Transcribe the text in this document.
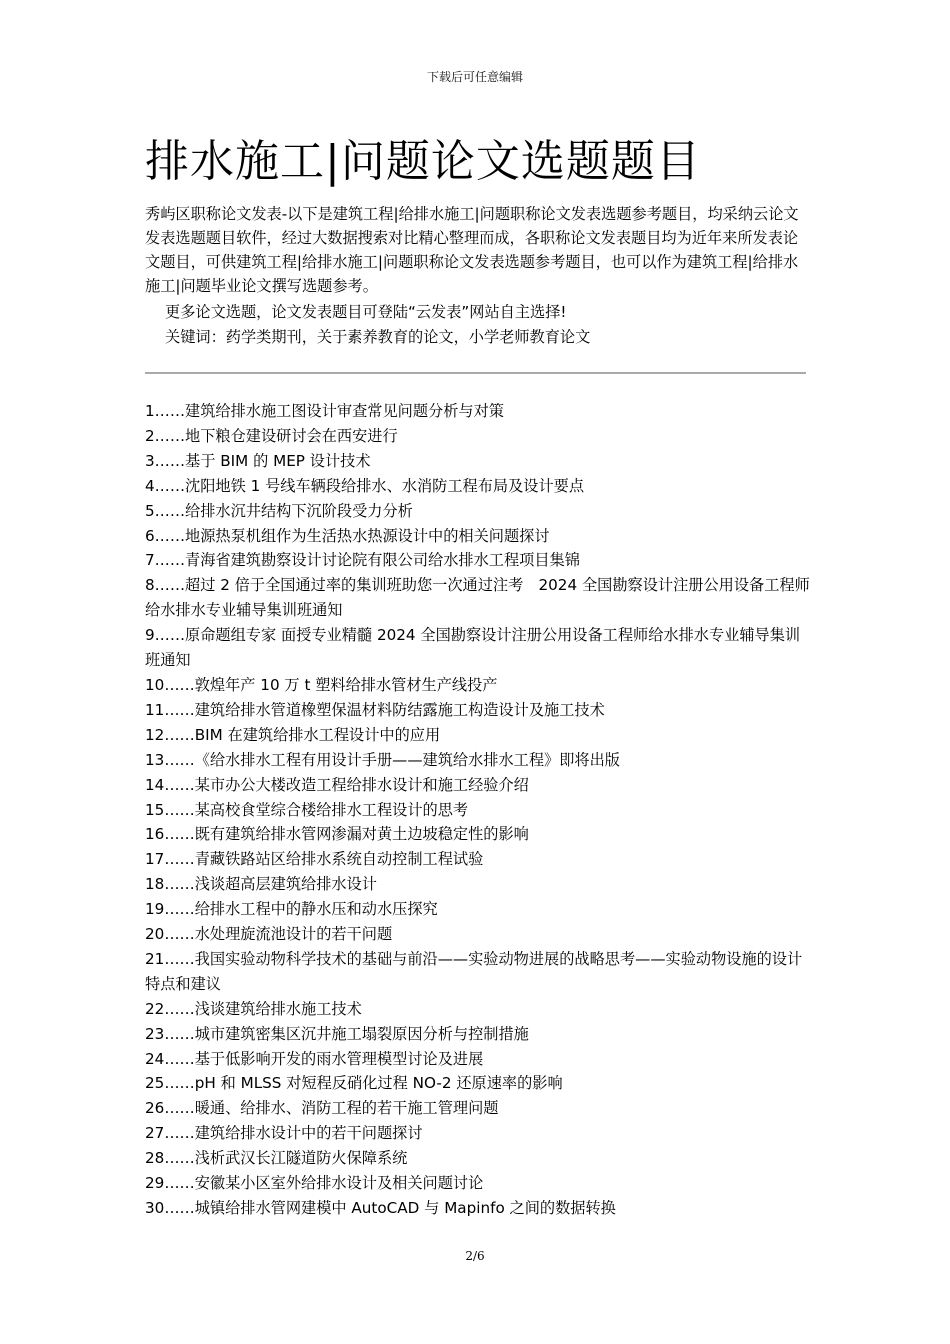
下载后可任意编辑
排水施工|问题论文选题题目

秀屿区职称论文发表-以下是建筑工程|给排水施工|问题职称论文发表选题参考题目，均采纳云论文发表选题题目软件，经过大数据搜索对比精心整理而成，各职称论文发表题目均为近年来所发表论文题目，可供建筑工程|给排水施工|问题职称论文发表选题参考题目，也可以作为建筑工程|给排水施工|问题毕业论文撰写选题参考。

更多论文选题，论文发表题目可登陆“云发表”网站自主选择!
关键词：药学类期刊，关于素养教育的论文，小学老师教育论文
1……建筑给排水施工图设计审查常见问题分析与对策
2……地下粮仓建设研讨会在西安进行
3……基于 BIM 的 MEP 设计技术
4……沈阳地铁 1 号线车辆段给排水、水消防工程布局及设计要点
5……给排水沉井结构下沉阶段受力分析
6……地源热泵机组作为生活热水热源设计中的相关问题探讨
7……青海省建筑勘察设计讨论院有限公司给水排水工程项目集锦
8……超过 2 倍于全国通过率的集训班助您一次通过注考　2024 全国勘察设计注册公用设备工程师给水排水专业辅导集训班通知
9……原命题组专家 面授专业精髓 2024 全国勘察设计注册公用设备工程师给水排水专业辅导集训班通知
10……敦煌年产 10 万 t 塑料给排水管材生产线投产
11……建筑给排水管道橡塑保温材料防结露施工构造设计及施工技术
12……BIM 在建筑给排水工程设计中的应用
13……《给水排水工程有用设计手册——建筑给水排水工程》即将出版
14……某市办公大楼改造工程给排水设计和施工经验介绍
15……某高校食堂综合楼给排水工程设计的思考
16……既有建筑给排水管网渗漏对黄土边坡稳定性的影响
17……青藏铁路站区给排水系统自动控制工程试验
18……浅谈超高层建筑给排水设计
19……给排水工程中的静水压和动水压探究
20……水处理旋流池设计的若干问题
21……我国实验动物科学技术的基础与前沿——实验动物进展的战略思考——实验动物设施的设计特点和建议
22……浅谈建筑给排水施工技术
23……城市建筑密集区沉井施工塌裂原因分析与控制措施
24……基于低影响开发的雨水管理模型讨论及进展
25……pH 和 MLSS 对短程反硝化过程 NO-2 还原速率的影响
26……暖通、给排水、消防工程的若干施工管理问题
27……建筑给排水设计中的若干问题探讨
28……浅析武汉长江隧道防火保障系统
29……安徽某小区室外给排水设计及相关问题讨论
30……城镇给排水管网建模中 AutoCAD 与 Mapinfo 之间的数据转换
2/6
